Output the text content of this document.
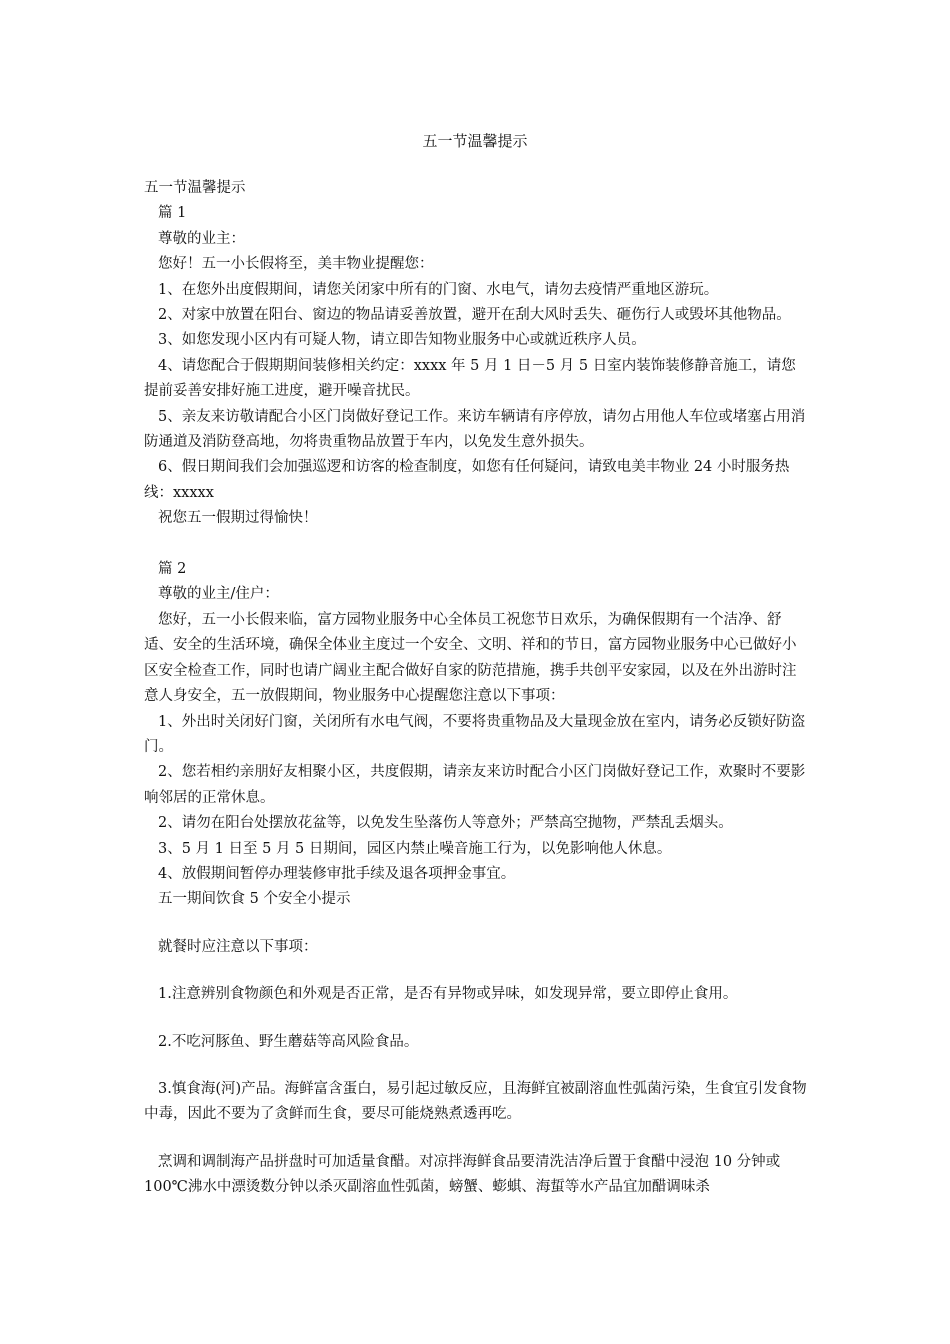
五一节温馨提示

五一节温馨提示

篇 1

尊敬的业主：

您好！五一小长假将至，美丰物业提醒您：

1、在您外出度假期间，请您关闭家中所有的门窗、水电气，请勿去疫情严重地区游玩。

2、对家中放置在阳台、窗边的物品请妥善放置，避开在刮大风时丢失、砸伤行人或毁坏其他物品。

3、如您发现小区内有可疑人物，请立即告知物业服务中心或就近秩序人员。

4、请您配合于假期期间装修相关约定：xxxx 年 5 月 1 日－5 月 5 日室内装饰装修静音施工，请您提前妥善安排好施工进度，避开噪音扰民。

5、亲友来访敬请配合小区门岗做好登记工作。来访车辆请有序停放，请勿占用他人车位或堵塞占用消防通道及消防登高地，勿将贵重物品放置于车内，以免发生意外损失。

6、假日期间我们会加强巡逻和访客的检查制度，如您有任何疑问，请致电美丰物业 24 小时服务热线：xxxxx

祝您五一假期过得愉快！

篇 2

尊敬的业主/住户：

您好，五一小长假来临，富方园物业服务中心全体员工祝您节日欢乐，为确保假期有一个洁净、舒适、安全的生活环境，确保全体业主度过一个安全、文明、祥和的节日，富方园物业服务中心已做好小区安全检查工作，同时也请广阔业主配合做好自家的防范措施，携手共创平安家园，以及在外出游时注意人身安全，五一放假期间，物业服务中心提醒您注意以下事项：

1、外出时关闭好门窗，关闭所有水电气阀，不要将贵重物品及大量现金放在室内，请务必反锁好防盗门。

2、您若相约亲朋好友相聚小区，共度假期，请亲友来访时配合小区门岗做好登记工作，欢聚时不要影响邻居的正常休息。

2、请勿在阳台处摆放花盆等，以免发生坠落伤人等意外；严禁高空抛物，严禁乱丢烟头。

3、5 月 1 日至 5 月 5 日期间，园区内禁止噪音施工行为，以免影响他人休息。

4、放假期间暂停办理装修审批手续及退各项押金事宜。

五一期间饮食 5 个安全小提示

就餐时应注意以下事项：

1.注意辨别食物颜色和外观是否正常，是否有异物或异味，如发现异常，要立即停止食用。

2.不吃河豚鱼、野生蘑菇等高风险食品。

3.慎食海(河)产品。海鲜富含蛋白，易引起过敏反应，且海鲜宜被副溶血性弧菌污染，生食宜引发食物中毒，因此不要为了贪鲜而生食，要尽可能烧熟煮透再吃。

烹调和调制海产品拼盘时可加适量食醋。对凉拌海鲜食品要清洗洁净后置于食醋中浸泡 10 分钟或 100℃沸水中漂烫数分钟以杀灭副溶血性弧菌，螃蟹、蟛蜞、海蜇等水产品宜加醋调味杀
